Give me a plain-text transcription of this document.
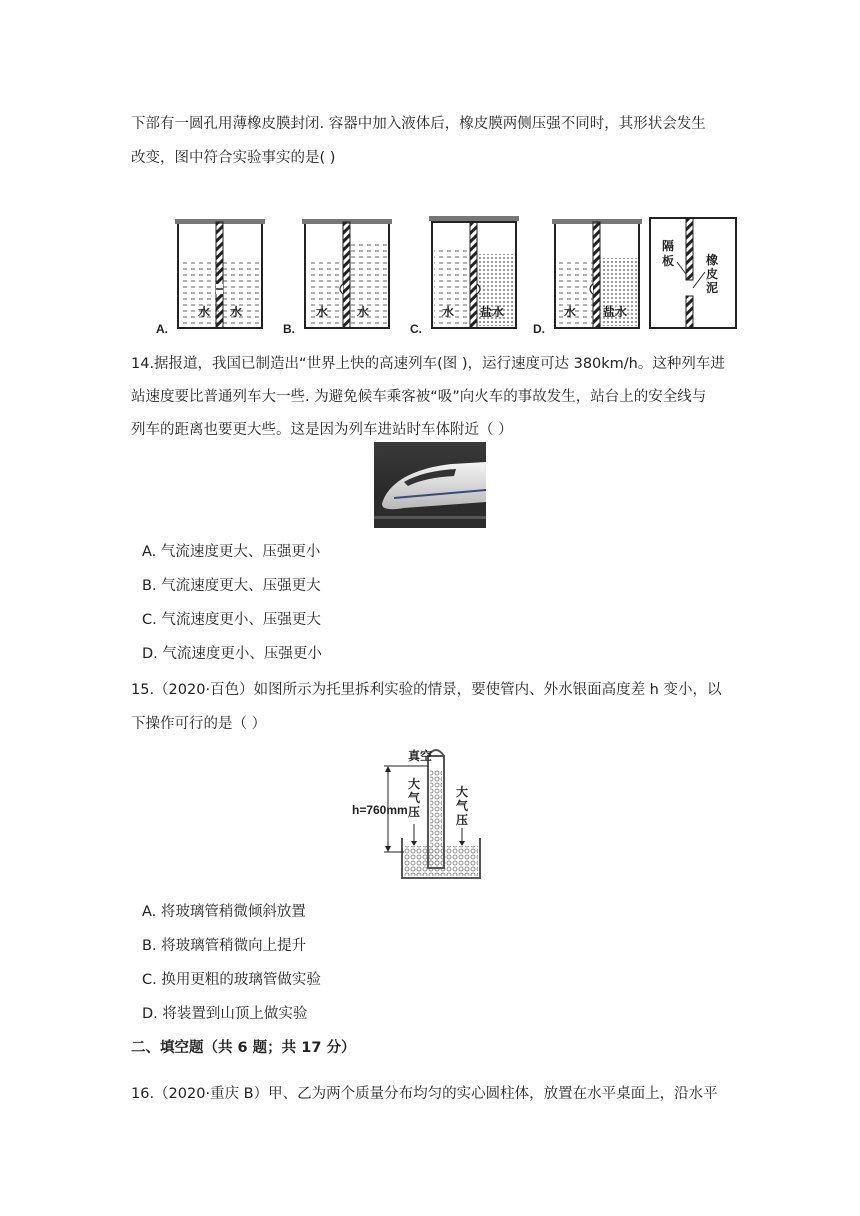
下部有一圆孔用薄橡皮膜封闭. 容器中加入液体后，橡皮膜两侧压强不同时，其形状会发生
改变，图中符合实验事实的是( )
水 水
A.
水 水
B.
水 盐水
C.
水 盐水
D.
隔
板	橡
皮
泥
14.据报道，我国已制造出“世界上快的高速列车(图 )，运行速度可达 380km/h。这种列车进
站速度要比普通列车大一些. 为避免候车乘客被“吸”向火车的事故发生，站台上的安全线与
列车的距离也要更大些。这是因为列车进站时车体附近（ ）
A. 气流速度更大、压强更小
B. 气流速度更大、压强更大
C. 气流速度更小、压强更大
D. 气流速度更小、压强更小
15.（2020·百色）如图所示为托里拆利实验的情景，要使管内、外水银面高度差 h 变小，以
下操作可行的是（ ）
真空
h=760mm
大
气
压
大
气
压
A. 将玻璃管稍微倾斜放置
B. 将玻璃管稍微向上提升
C. 换用更粗的玻璃管做实验
D. 将装置到山顶上做实验
二、填空题（共 6 题；共 17 分）
16.（2020·重庆 B）甲、乙为两个质量分布均匀的实心圆柱体，放置在水平桌面上，沿水平
